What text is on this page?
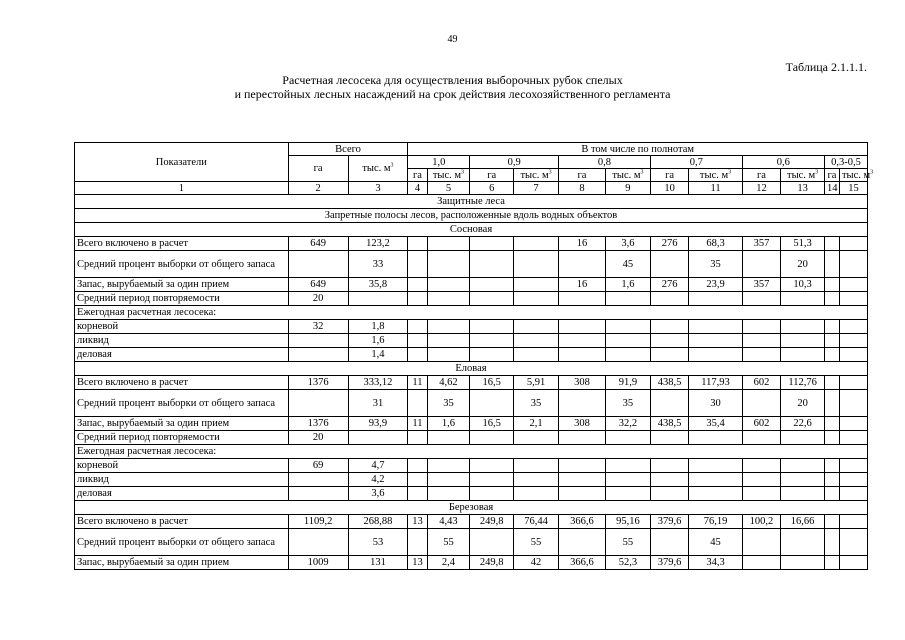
49
Таблица 2.1.1.1.
Расчетная лесосека для осуществления выборочных рубок спелых
и перестойных лесных насаждений на срок действия лесохозяйственного регламента
Показатели	Всего		В том числе по полнотам											
	га	тыс. $м^3$	1,0		0,9		0,8		0,7		0,6		0,3-0,5	
			га	тыс. $м^3$	га	тыс. $м^3$	га	тыс. $м^3$	га	тыс. $м^3$	га	тыс. $м^3$	га	тыс. $м^3$
1	2	3	4	5	6	7	8	9	10	11	12	13	14	15
Защитные леса														
Запретные полосы лесов, расположенные вдоль водных объектов														
Сосновая														
Всего включено в расчет	649	123,2					16	3,6	276	68,3	357	51,3		
Средний процент выборки от общего запаса		33						45		35		20		
Запас, вырубаемый за один прием	649	35,8					16	1,6	276	23,9	357	10,3		
Средний период повторяемости	20													
Ежегодная расчетная лесосека:														
корневой	32	1,8												
ликвид		1,6												
деловая		1,4												
Еловая														
Всего включено в расчет	1376	333,12	11	4,62	16,5	5,91	308	91,9	438,5	117,93	602	112,76		
Средний процент выборки от общего запаса		31		35		35		35		30		20		
Запас, вырубаемый за один прием	1376	93,9	11	1,6	16,5	2,1	308	32,2	438,5	35,4	602	22,6		
Средний период повторяемости	20													
Ежегодная расчетная лесосека:														
корневой	69	4,7												
ликвид		4,2												
деловая		3,6												
Березовая														
Всего включено в расчет	1109,2	268,88	13	4,43	249,8	76,44	366,6	95,16	379,6	76,19	100,2	16,66		
Средний процент выборки от общего запаса		53		55		55		55		45				
Запас, вырубаемый за один прием	1009	131	13	2,4	249,8	42	366,6	52,3	379,6	34,3				
